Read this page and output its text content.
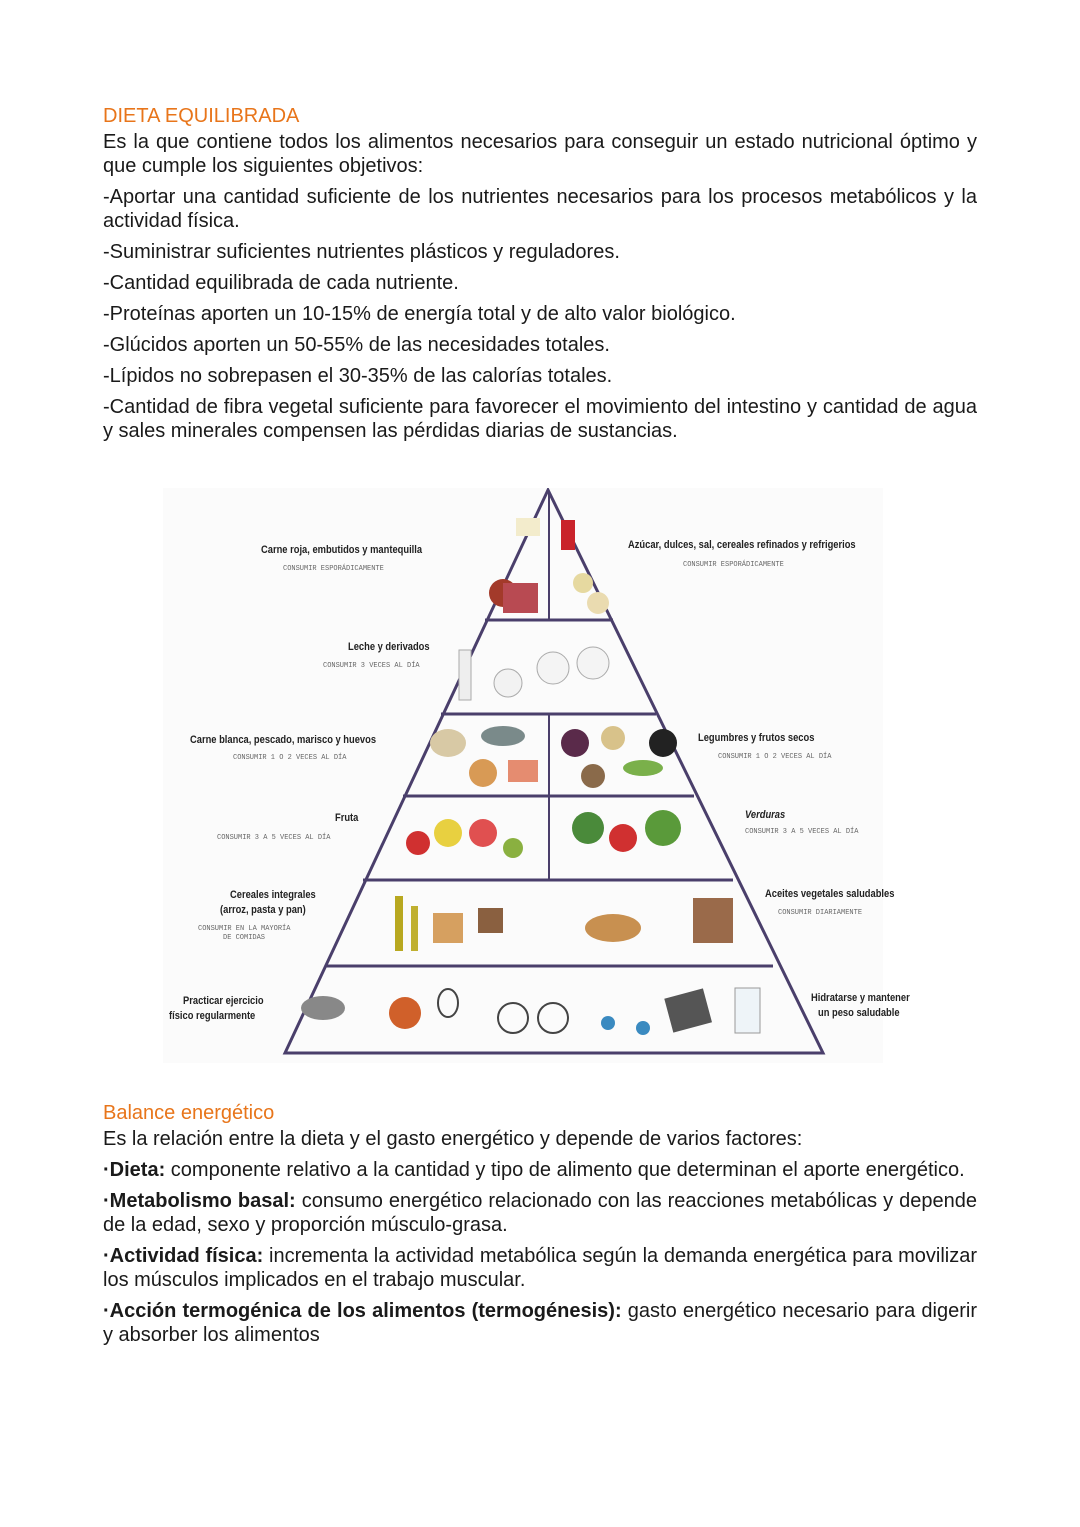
DIETA EQUILIBRADA

Es la que contiene todos los alimentos necesarios para conseguir un estado nutricional óptimo y que cumple los siguientes objetivos:

-Aportar una cantidad suficiente de los nutrientes necesarios para los procesos metabólicos y la actividad física.

-Suministrar suficientes nutrientes plásticos y reguladores.

-Cantidad equilibrada de cada nutriente.

-Proteínas aporten un 10-15% de energía total y de alto valor biológico.

-Glúcidos aporten un 50-55% de las necesidades totales.

-Lípidos no sobrepasen el 30-35% de las calorías totales.

-Cantidad de fibra vegetal suficiente para favorecer el movimiento del intestino y cantidad de agua y sales minerales compensen las pérdidas diarias de sustancias.

Carne roja, embutidos y mantequilla
CONSUMIR ESPORÁDICAMENTE
Azúcar, dulces, sal, cereales refinados y refrigerios
CONSUMIR ESPORÁDICAMENTE
Leche y derivados
CONSUMIR 3 VECES AL DÍA
Carne blanca, pescado, marisco y huevos
CONSUMIR 1 O 2 VECES AL DÍA
Legumbres y frutos secos
CONSUMIR 1 O 2 VECES AL DÍA
Fruta
CONSUMIR 3 A 5 VECES AL DÍA
Verduras
CONSUMIR 3 A 5 VECES AL DÍA
Cereales integrales
(arroz, pasta y pan)
CONSUMIR EN LA MAYORÍA
DE COMIDAS
Aceites vegetales saludables
CONSUMIR DIARIAMENTE
Practicar ejercicio
físico regularmente
Hidratarse y mantener
un peso saludable
Balance energético

Es la relación entre la dieta y el gasto energético y depende de varios factores:

·Dieta: componente relativo a la cantidad y tipo de alimento que determinan el aporte energético.

·Metabolismo basal: consumo energético relacionado con las reacciones metabólicas y depende de la edad, sexo y proporción músculo-grasa.

·Actividad física: incrementa la actividad metabólica según la demanda energética para movilizar los músculos implicados en el trabajo muscular.

·Acción termogénica de los alimentos (termogénesis): gasto energético necesario para digerir y absorber los alimentos
